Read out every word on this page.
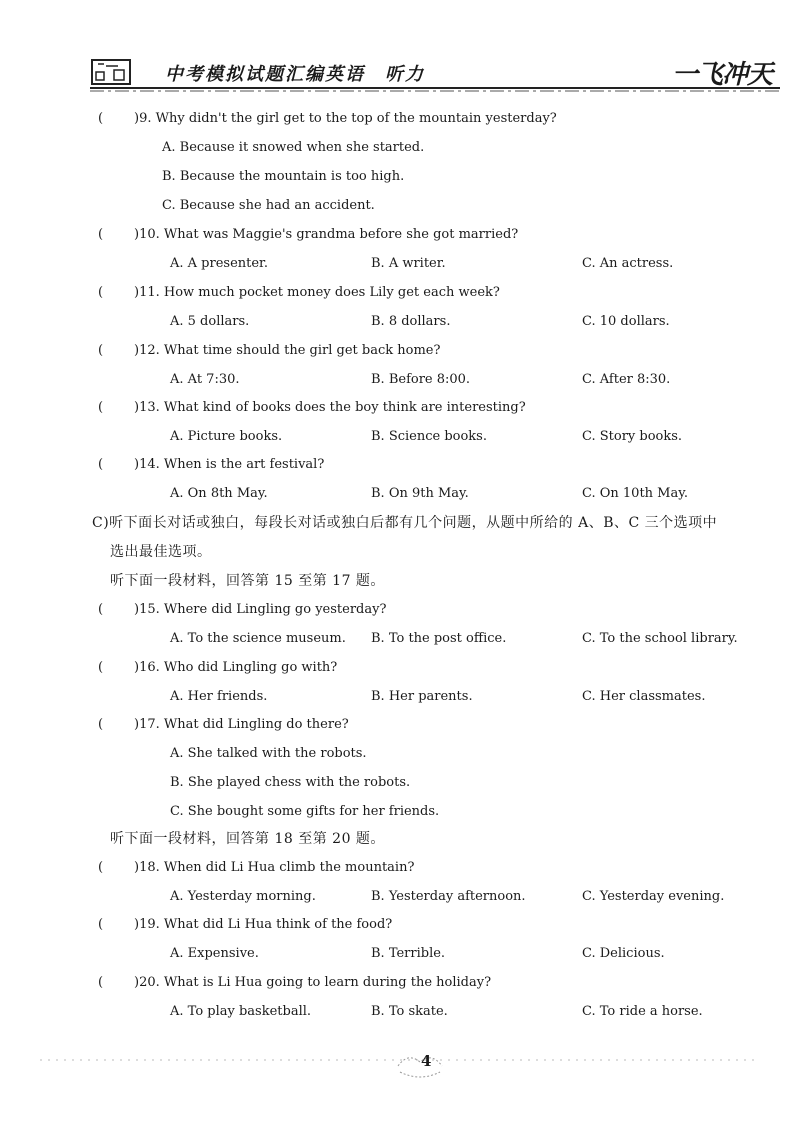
中考模拟试题汇编英语　听力	一飞冲天
( )9. Why didn't the girl get to the top of the mountain yesterday?
A. Because it snowed when she started.
B. Because the mountain is too high.
C. Because she had an accident.
( )10. What was Maggie's grandma before she got married?
A. A presenter.	B. A writer.	C. An actress.
( )11. How much pocket money does Lily get each week?
A. 5 dollars.	B. 8 dollars.	C. 10 dollars.
( )12. What time should the girl get back home?
A. At 7:30.	B. Before 8:00.	C. After 8:30.
( )13. What kind of books does the boy think are interesting?
A. Picture books.	B. Science books.	C. Story books.
( )14. When is the art festival?
A. On 8th May.	B. On 9th May.	C. On 10th May.
C)听下面长对话或独白，每段长对话或独白后都有几个问题，从题中所给的 A、B、C 三个选项中
选出最佳选项。
听下面一段材料，回答第 15 至第 17 题。
( )15. Where did Lingling go yesterday?
A. To the science museum. B. To the post office.	C. To the school library.
( )16. Who did Lingling go with?
A. Her friends.	B. Her parents.	C. Her classmates.
( )17. What did Lingling do there?
A. She talked with the robots.
B. She played chess with the robots.
C. She bought some gifts for her friends.
听下面一段材料，回答第 18 至第 20 题。
( )18. When did Li Hua climb the mountain?
A. Yesterday morning.	B. Yesterday afternoon.	C. Yesterday evening.
( )19. What did Li Hua think of the food?
A. Expensive.	B. Terrible.	C. Delicious.
( )20. What is Li Hua going to learn during the holiday?
A. To play basketball.	B. To skate.	C. To ride a horse.
4
